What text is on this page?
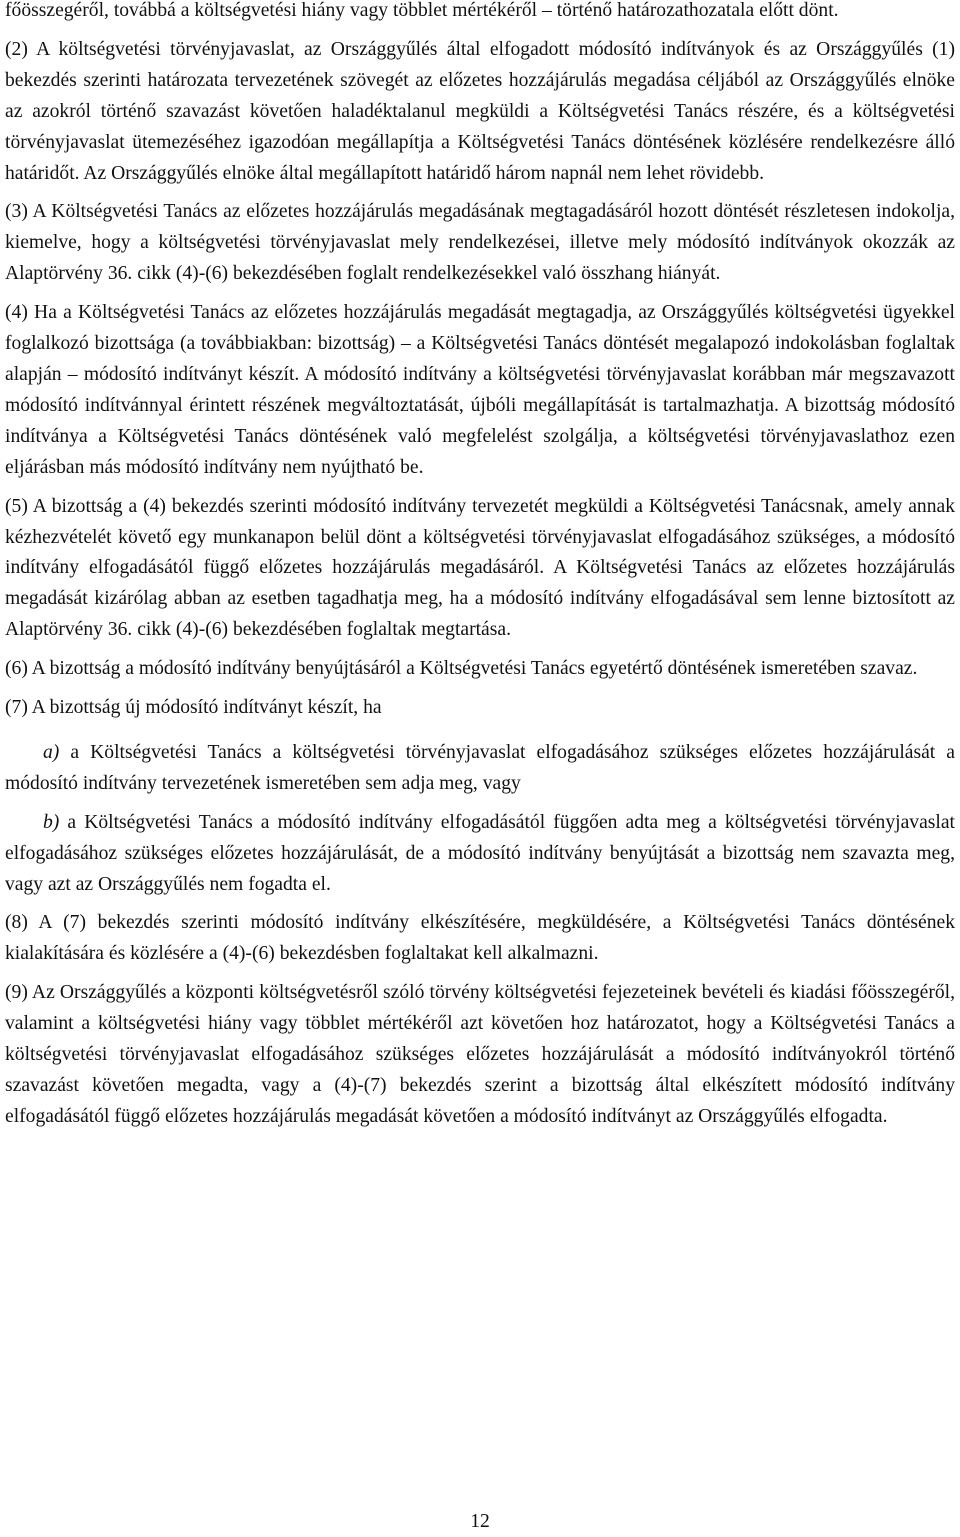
főösszegéről, továbbá a költségvetési hiány vagy többlet mértékéről – történő határozathozatala előtt dönt.

(2) A költségvetési törvényjavaslat, az Országgyűlés által elfogadott módosító indítványok és az Országgyűlés (1) bekezdés szerinti határozata tervezetének szövegét az előzetes hozzájárulás megadása céljából az Országgyűlés elnöke az azokról történő szavazást követően haladéktalanul megküldi a Költségvetési Tanács részére, és a költségvetési törvényjavaslat ütemezéséhez igazodóan megállapítja a Költségvetési Tanács döntésének közlésére rendelkezésre álló határidőt. Az Országgyűlés elnöke által megállapított határidő három napnál nem lehet rövidebb.

(3) A Költségvetési Tanács az előzetes hozzájárulás megadásának megtagadásáról hozott döntését részletesen indokolja, kiemelve, hogy a költségvetési törvényjavaslat mely rendelkezései, illetve mely módosító indítványok okozzák az Alaptörvény 36. cikk (4)-(6) bekezdésében foglalt rendelkezésekkel való összhang hiányát.

(4) Ha a Költségvetési Tanács az előzetes hozzájárulás megadását megtagadja, az Országgyűlés költségvetési ügyekkel foglalkozó bizottsága (a továbbiakban: bizottság) – a Költségvetési Tanács döntését megalapozó indokolásban foglaltak alapján – módosító indítványt készít. A módosító indítvány a költségvetési törvényjavaslat korábban már megszavazott módosító indítvánnyal érintett részének megváltoztatását, újbóli megállapítását is tartalmazhatja. A bizottság módosító indítványa a Költségvetési Tanács döntésének való megfelelést szolgálja, a költségvetési törvényjavaslathoz ezen eljárásban más módosító indítvány nem nyújtható be.

(5) A bizottság a (4) bekezdés szerinti módosító indítvány tervezetét megküldi a Költségvetési Tanácsnak, amely annak kézhezvételét követő egy munkanapon belül dönt a költségvetési törvényjavaslat elfogadásához szükséges, a módosító indítvány elfogadásától függő előzetes hozzájárulás megadásáról. A Költségvetési Tanács az előzetes hozzájárulás megadását kizárólag abban az esetben tagadhatja meg, ha a módosító indítvány elfogadásával sem lenne biztosított az Alaptörvény 36. cikk (4)-(6) bekezdésében foglaltak megtartása.

(6) A bizottság a módosító indítvány benyújtásáról a Költségvetési Tanács egyetértő döntésének ismeretében szavaz.

(7) A bizottság új módosító indítványt készít, ha

a) a Költségvetési Tanács a költségvetési törvényjavaslat elfogadásához szükséges előzetes hozzájárulását a módosító indítvány tervezetének ismeretében sem adja meg, vagy

b) a Költségvetési Tanács a módosító indítvány elfogadásától függően adta meg a költségvetési törvényjavaslat elfogadásához szükséges előzetes hozzájárulását, de a módosító indítvány benyújtását a bizottság nem szavazta meg, vagy azt az Országgyűlés nem fogadta el.

(8) A (7) bekezdés szerinti módosító indítvány elkészítésére, megküldésére, a Költségvetési Tanács döntésének kialakítására és közlésére a (4)-(6) bekezdésben foglaltakat kell alkalmazni.

(9) Az Országgyűlés a központi költségvetésről szóló törvény költségvetési fejezeteinek bevételi és kiadási főösszegéről, valamint a költségvetési hiány vagy többlet mértékéről azt követően hoz határozatot, hogy a Költségvetési Tanács a költségvetési törvényjavaslat elfogadásához szükséges előzetes hozzájárulását a módosító indítványokról történő szavazást követően megadta, vagy a (4)-(7) bekezdés szerint a bizottság által elkészített módosító indítvány elfogadásától függő előzetes hozzájárulás megadását követően a módosító indítványt az Országgyűlés elfogadta.

12
